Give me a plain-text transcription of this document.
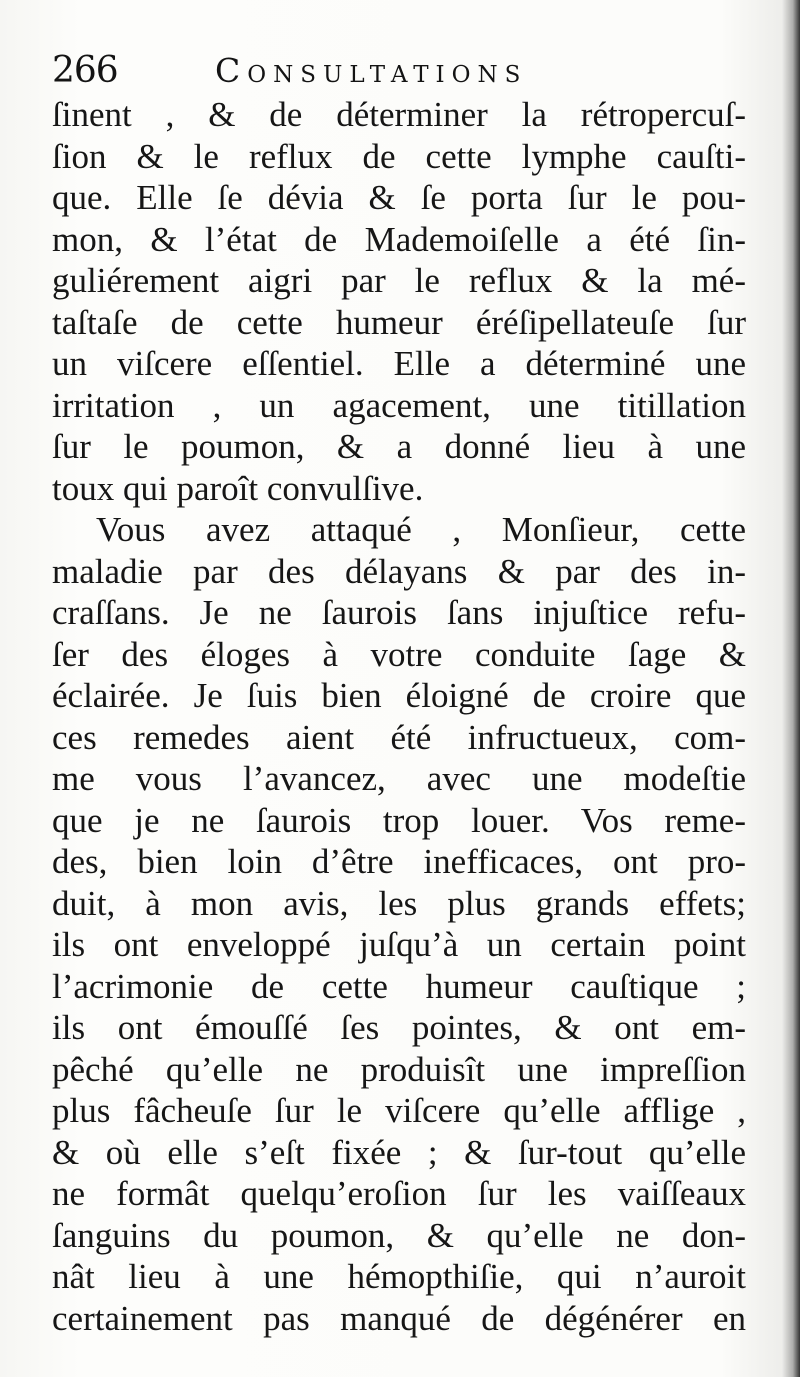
266	Consultations
ſinent , & de déterminer la rétropercuſ-
ſion & le reflux de cette lymphe cauſti-
que. Elle ſe dévia & ſe porta ſur le pou-
mon, & l’état de Mademoiſelle a été ſin-
guliérement aigri par le reflux & la mé-
taſtaſe de cette humeur éréſipellateuſe ſur
un viſcere eſſentiel. Elle a déterminé une
irritation , un agacement, une titillation
ſur le poumon, & a donné lieu à une
toux qui paroît convulſive.
Vous avez attaqué , Monſieur, cette
maladie par des délayans & par des in-
craſſans. Je ne ſaurois ſans injuſtice refu-
ſer des éloges à votre conduite ſage &
éclairée. Je ſuis bien éloigné de croire que
ces remedes aient été infructueux, com-
me vous l’avancez, avec une modeſtie
que je ne ſaurois trop louer. Vos reme-
des, bien loin d’être inefficaces, ont pro-
duit, à mon avis, les plus grands effets;
ils ont enveloppé juſqu’à un certain point
l’acrimonie de cette humeur cauſtique ;
ils ont émouſſé ſes pointes, & ont em-
pêché qu’elle ne produisît une impreſſion
plus fâcheuſe ſur le viſcere qu’elle afflige ,
& où elle s’eſt fixée ; & ſur-tout qu’elle
ne formât quelqu’eroſion ſur les vaiſſeaux
ſanguins du poumon, & qu’elle ne don-
nât lieu à une hémopthiſie, qui n’auroit
certainement pas manqué de dégénérer en
